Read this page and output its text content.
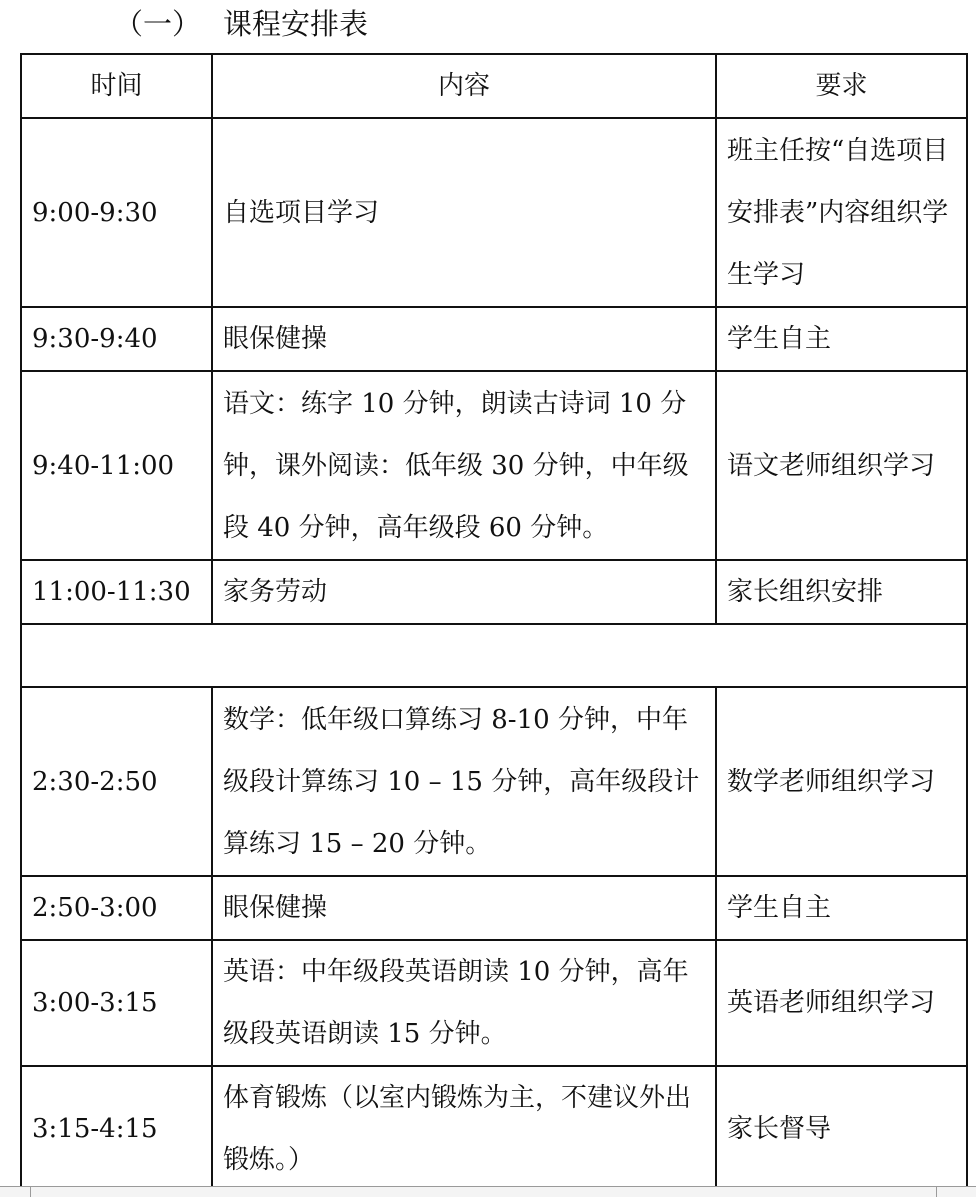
（一） 课程安排表
时间	内容	要求
9:00-9:30	自选项目学习	班主任按“自选项目安排表”内容组织学生学习
9:30-9:40	眼保健操	学生自主
9:40-11:00	语文：练字 10 分钟，朗读古诗词 10 分钟，课外阅读：低年级 30 分钟，中年级段 40 分钟，高年级段 60 分钟。	语文老师组织学习
11:00-11:30	家务劳动	家长组织安排

2:30-2:50	数学：低年级口算练习 8-10 分钟，中年级段计算练习 10 – 15 分钟，高年级段计算练习 15 – 20 分钟。	数学老师组织学习
2:50-3:00	眼保健操	学生自主
3:00-3:15	英语：中年级段英语朗读 10 分钟，高年级段英语朗读 15 分钟。	英语老师组织学习
3:15-4:15	体育锻炼（以室内锻炼为主，不建议外出锻炼。）	家长督导
